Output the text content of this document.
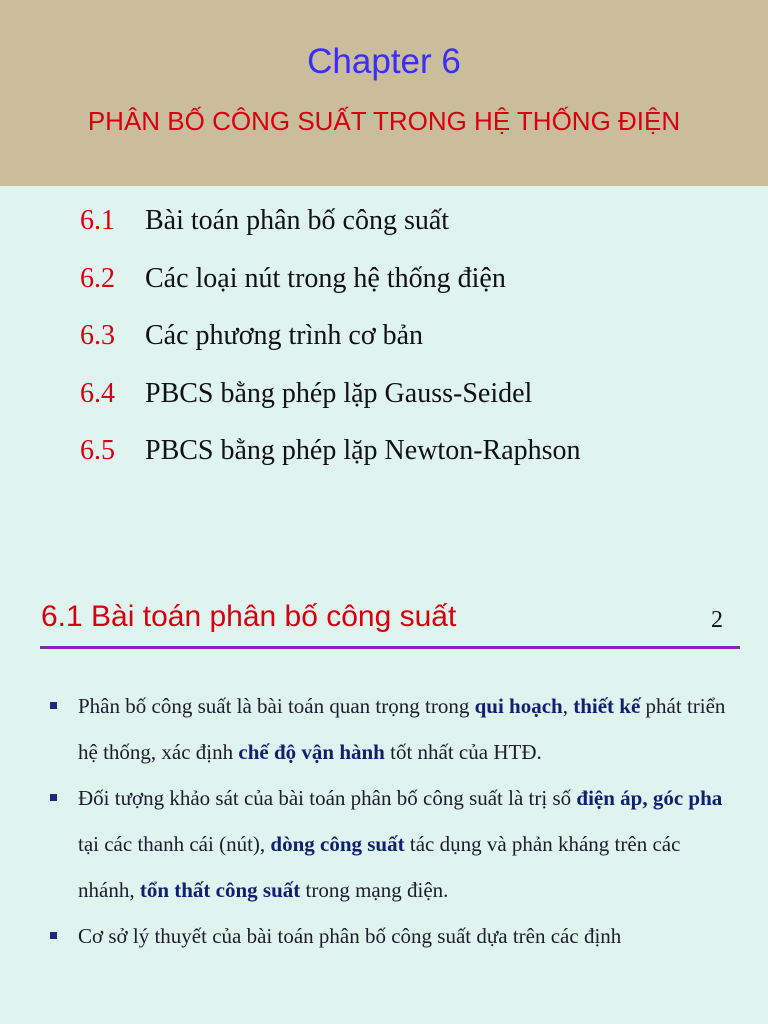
Chapter 6
PHÂN BỐ CÔNG SUẤT TRONG HỆ THỐNG ĐIỆN
6.1 Bài toán phân bố công suất
6.2 Các loại nút trong hệ thống điện
6.3 Các phương trình cơ bản
6.4 PBCS bằng phép lặp Gauss-Seidel
6.5 PBCS bằng phép lặp Newton-Raphson
6.1 Bài toán phân bố công suất	2
Phân bố công suất là bài toán quan trọng trong qui hoạch, thiết kế phát triển hệ thống, xác định chế độ vận hành tốt nhất của HTĐ.
Đối tượng khảo sát của bài toán phân bố công suất là trị số điện áp, góc pha tại các thanh cái (nút), dòng công suất tác dụng và phản kháng trên các nhánh, tổn thất công suất trong mạng điện.
Cơ sở lý thuyết của bài toán phân bố công suất dựa trên các định
